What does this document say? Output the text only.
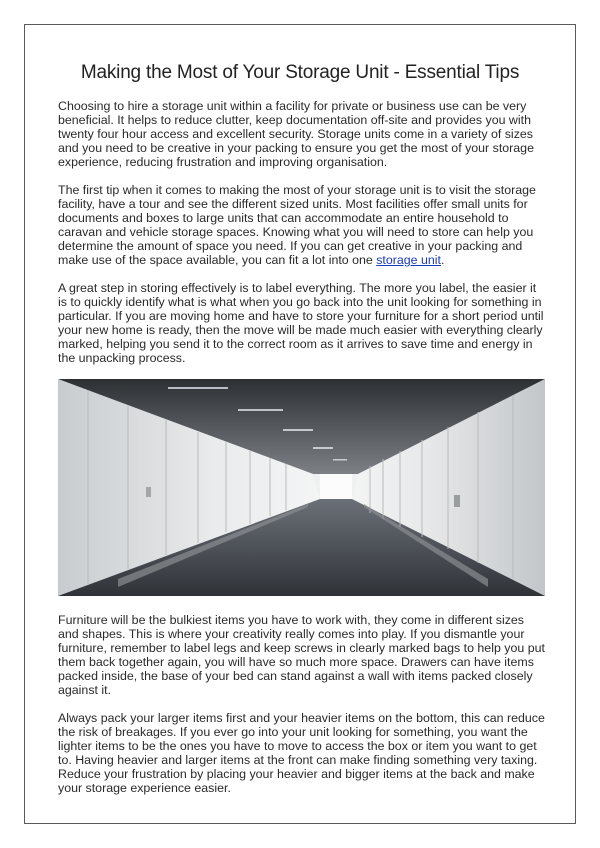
Making the Most of Your Storage Unit - Essential Tips

Choosing to hire a storage unit within a facility for private or business use can be very beneficial. It helps to reduce clutter, keep documentation off-site and provides you with twenty four hour access and excellent security. Storage units come in a variety of sizes and you need to be creative in your packing to ensure you get the most of your storage experience, reducing frustration and improving organisation.

The first tip when it comes to making the most of your storage unit is to visit the storage facility, have a tour and see the different sized units. Most facilities offer small units for documents and boxes to large units that can accommodate an entire household to caravan and vehicle storage spaces. Knowing what you will need to store can help you determine the amount of space you need. If you can get creative in your packing and make use of the space available, you can fit a lot into one storage unit.

A great step in storing effectively is to label everything. The more you label, the easier it is to quickly identify what is what when you go back into the unit looking for something in particular. If you are moving home and have to store your furniture for a short period until your new home is ready, then the move will be made much easier with everything clearly marked, helping you send it to the correct room as it arrives to save time and energy in the unpacking process.

Furniture will be the bulkiest items you have to work with, they come in different sizes and shapes. This is where your creativity really comes into play. If you dismantle your furniture, remember to label legs and keep screws in clearly marked bags to help you put them back together again, you will have so much more space. Drawers can have items packed inside, the base of your bed can stand against a wall with items packed closely against it.

Always pack your larger items first and your heavier items on the bottom, this can reduce the risk of breakages. If you ever go into your unit looking for something, you want the lighter items to be the ones you have to move to access the box or item you want to get to. Having heavier and larger items at the front can make finding something very taxing. Reduce your frustration by placing your heavier and bigger items at the back and make your storage experience easier.
